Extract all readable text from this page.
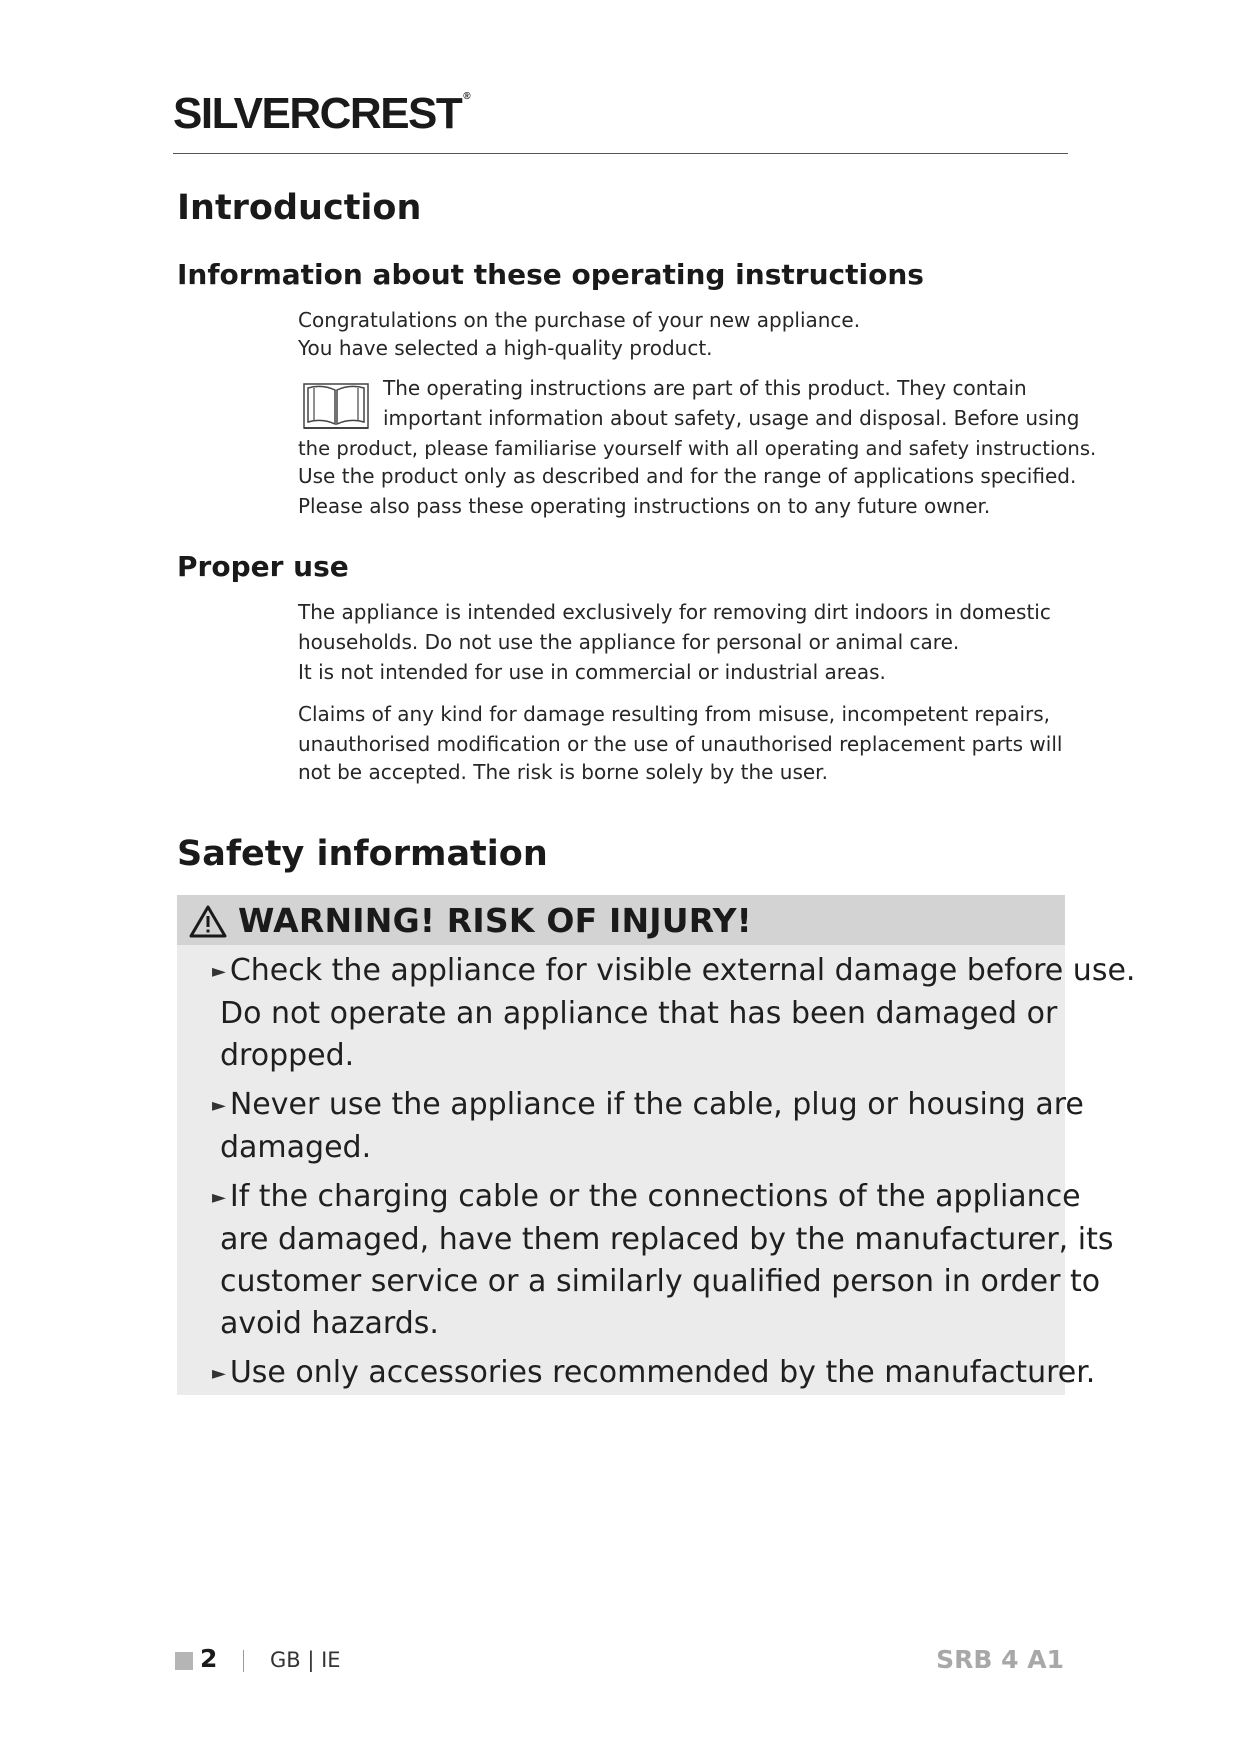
SILVERCREST ®
Introduction
Information about these operating instructions

Congratulations on the purchase of your new appliance.

You have selected a high-quality product.

The operating instructions are part of this product. They contain

important information about safety, usage and disposal. Before using

the product, please familiarise yourself with all operating and safety instructions.

Use the product only as described and for the range of applications specified.

Please also pass these operating instructions on to any future owner.

Proper use

The appliance is intended exclusively for removing dirt indoors in domestic

households. Do not use the appliance for personal or animal care.

It is not intended for use in commercial or industrial areas.

Claims of any kind for damage resulting from misuse, incompetent repairs,

unauthorised modification or the use of unauthorised replacement parts will

not be accepted. The risk is borne solely by the user.

Safety information
WARNING! RISK OF INJURY!
► Check the appliance for visible external damage before use.
Do not operate an appliance that has been damaged or
dropped.
► Never use the appliance if the cable, plug or housing are
damaged.
► If the charging cable or the connections of the appliance
are damaged, have them replaced by the manufacturer, its
customer service or a similarly qualified person in order to
avoid hazards.
► Use only accessories recommended by the manufacturer.
2	GB | IE	SRB 4 A1
